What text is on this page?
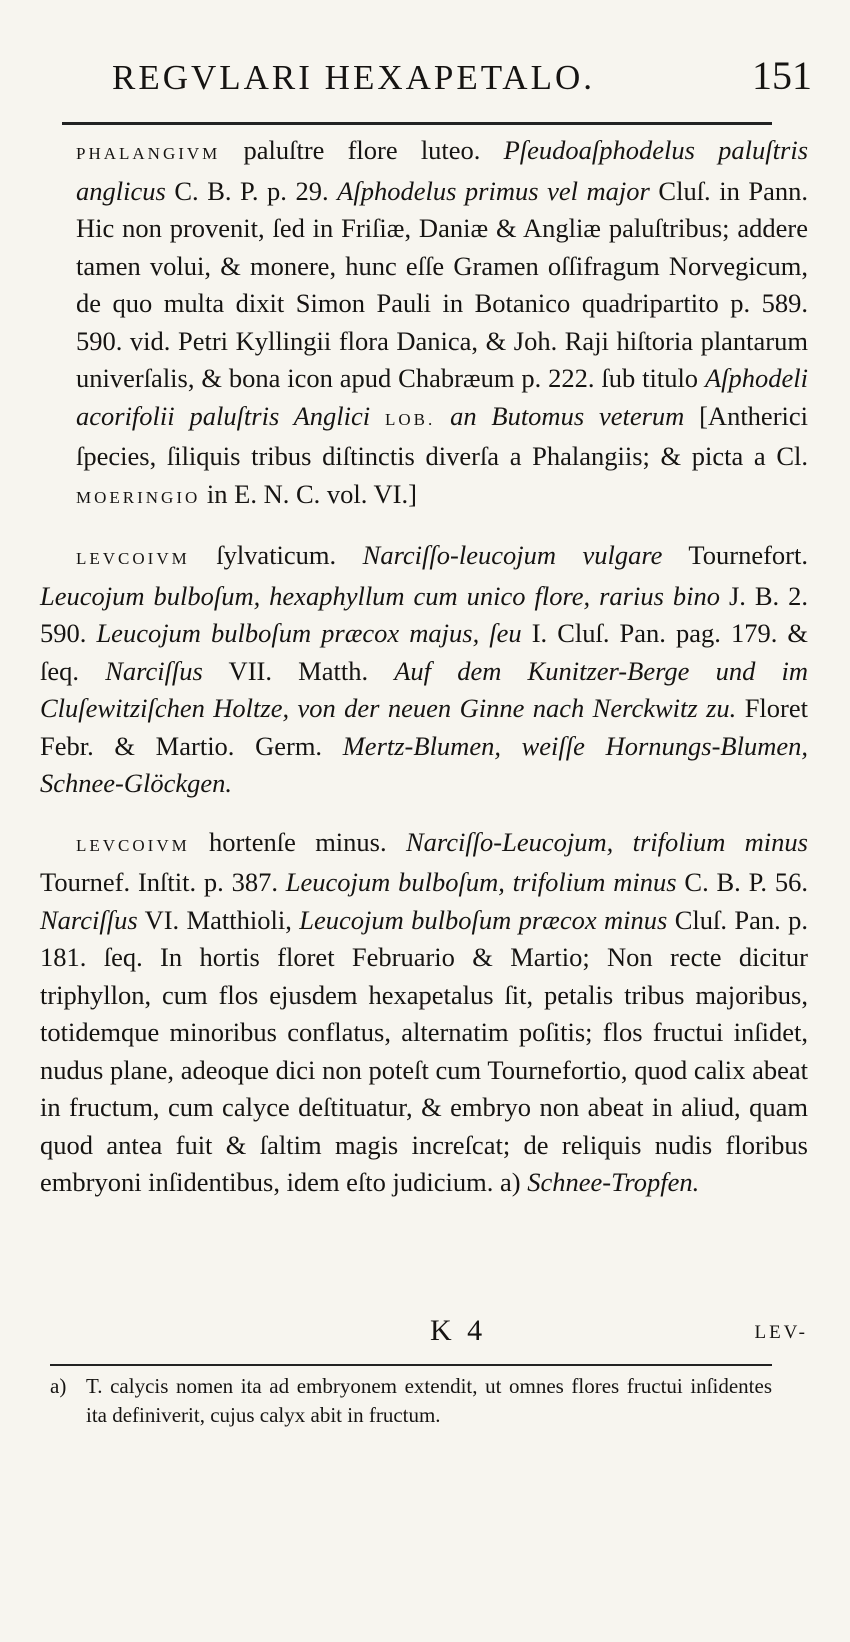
REGVLARI HEXAPETALO.	151

PHALANGIVM paluſtre flore luteo. Pſeudoaſphodelus paluſtris anglicus C. B. P. p. 29. Aſphodelus primus vel major Cluſ. in Pann. Hic non provenit, ſed in Friſiæ, Daniæ & Angliæ paluſtribus; addere tamen volui, & monere, hunc eſſe Gramen oſſifragum Norvegicum, de quo multa dixit Simon Pauli in Botanico quadripartito p. 589. 590. vid. Petri Kyllingii flora Danica, & Joh. Raji hiſtoria plantarum univerſalis, & bona icon apud Chabræum p. 222. ſub titulo Aſphodeli acorifolii paluſtris Anglici LOB. an Butomus veterum [Antherici ſpecies, ſiliquis tribus diſtinctis diverſa a Phalangiis; & picta a Cl. MOERINGIO in E. N. C. vol. VI.]

LEVCOIVM ſylvaticum. Narciſſo-leucojum vulgare Tournefort. Leucojum bulboſum, hexaphyllum cum unico flore, rarius bino J. B. 2. 590. Leucojum bulboſum præcox majus, ſeu I. Cluſ. Pan. pag. 179. & ſeq. Narciſſus VII. Matth. Auf dem Kunitzer-Berge und im Cluſewitziſchen Holtze, von der neuen Ginne nach Nerckwitz zu. Floret Febr. & Martio. Germ. Mertz-Blumen, weiſſe Hornungs-Blumen, Schnee-Glöckgen.

LEVCOIVM hortenſe minus. Narciſſo-Leucojum, trifolium minus Tournef. Inſtit. p. 387. Leucojum bulboſum, trifolium minus C. B. P. 56. Narciſſus VI. Matthioli, Leucojum bulboſum præcox minus Cluſ. Pan. p. 181. ſeq. In hortis floret Februario & Martio; Non recte dicitur triphyllon, cum flos ejusdem hexapetalus ſit, petalis tribus majoribus, totidemque minoribus conflatus, alternatim poſitis; flos fructui inſidet, nudus plane, adeoque dici non poteſt cum Tournefortio, quod calix abeat in fructum, cum calyce deſtituatur, & embryo non abeat in aliud, quam quod antea fuit & ſaltim magis increſcat; de reliquis nudis floribus embryoni inſidentibus, idem eſto judicium. a) Schnee-Tropfen.

K 4	LEV-
a) T. calycis nomen ita ad embryonem extendit, ut omnes flores fructui inſidentes ita definiverit, cujus calyx abit in fructum.
